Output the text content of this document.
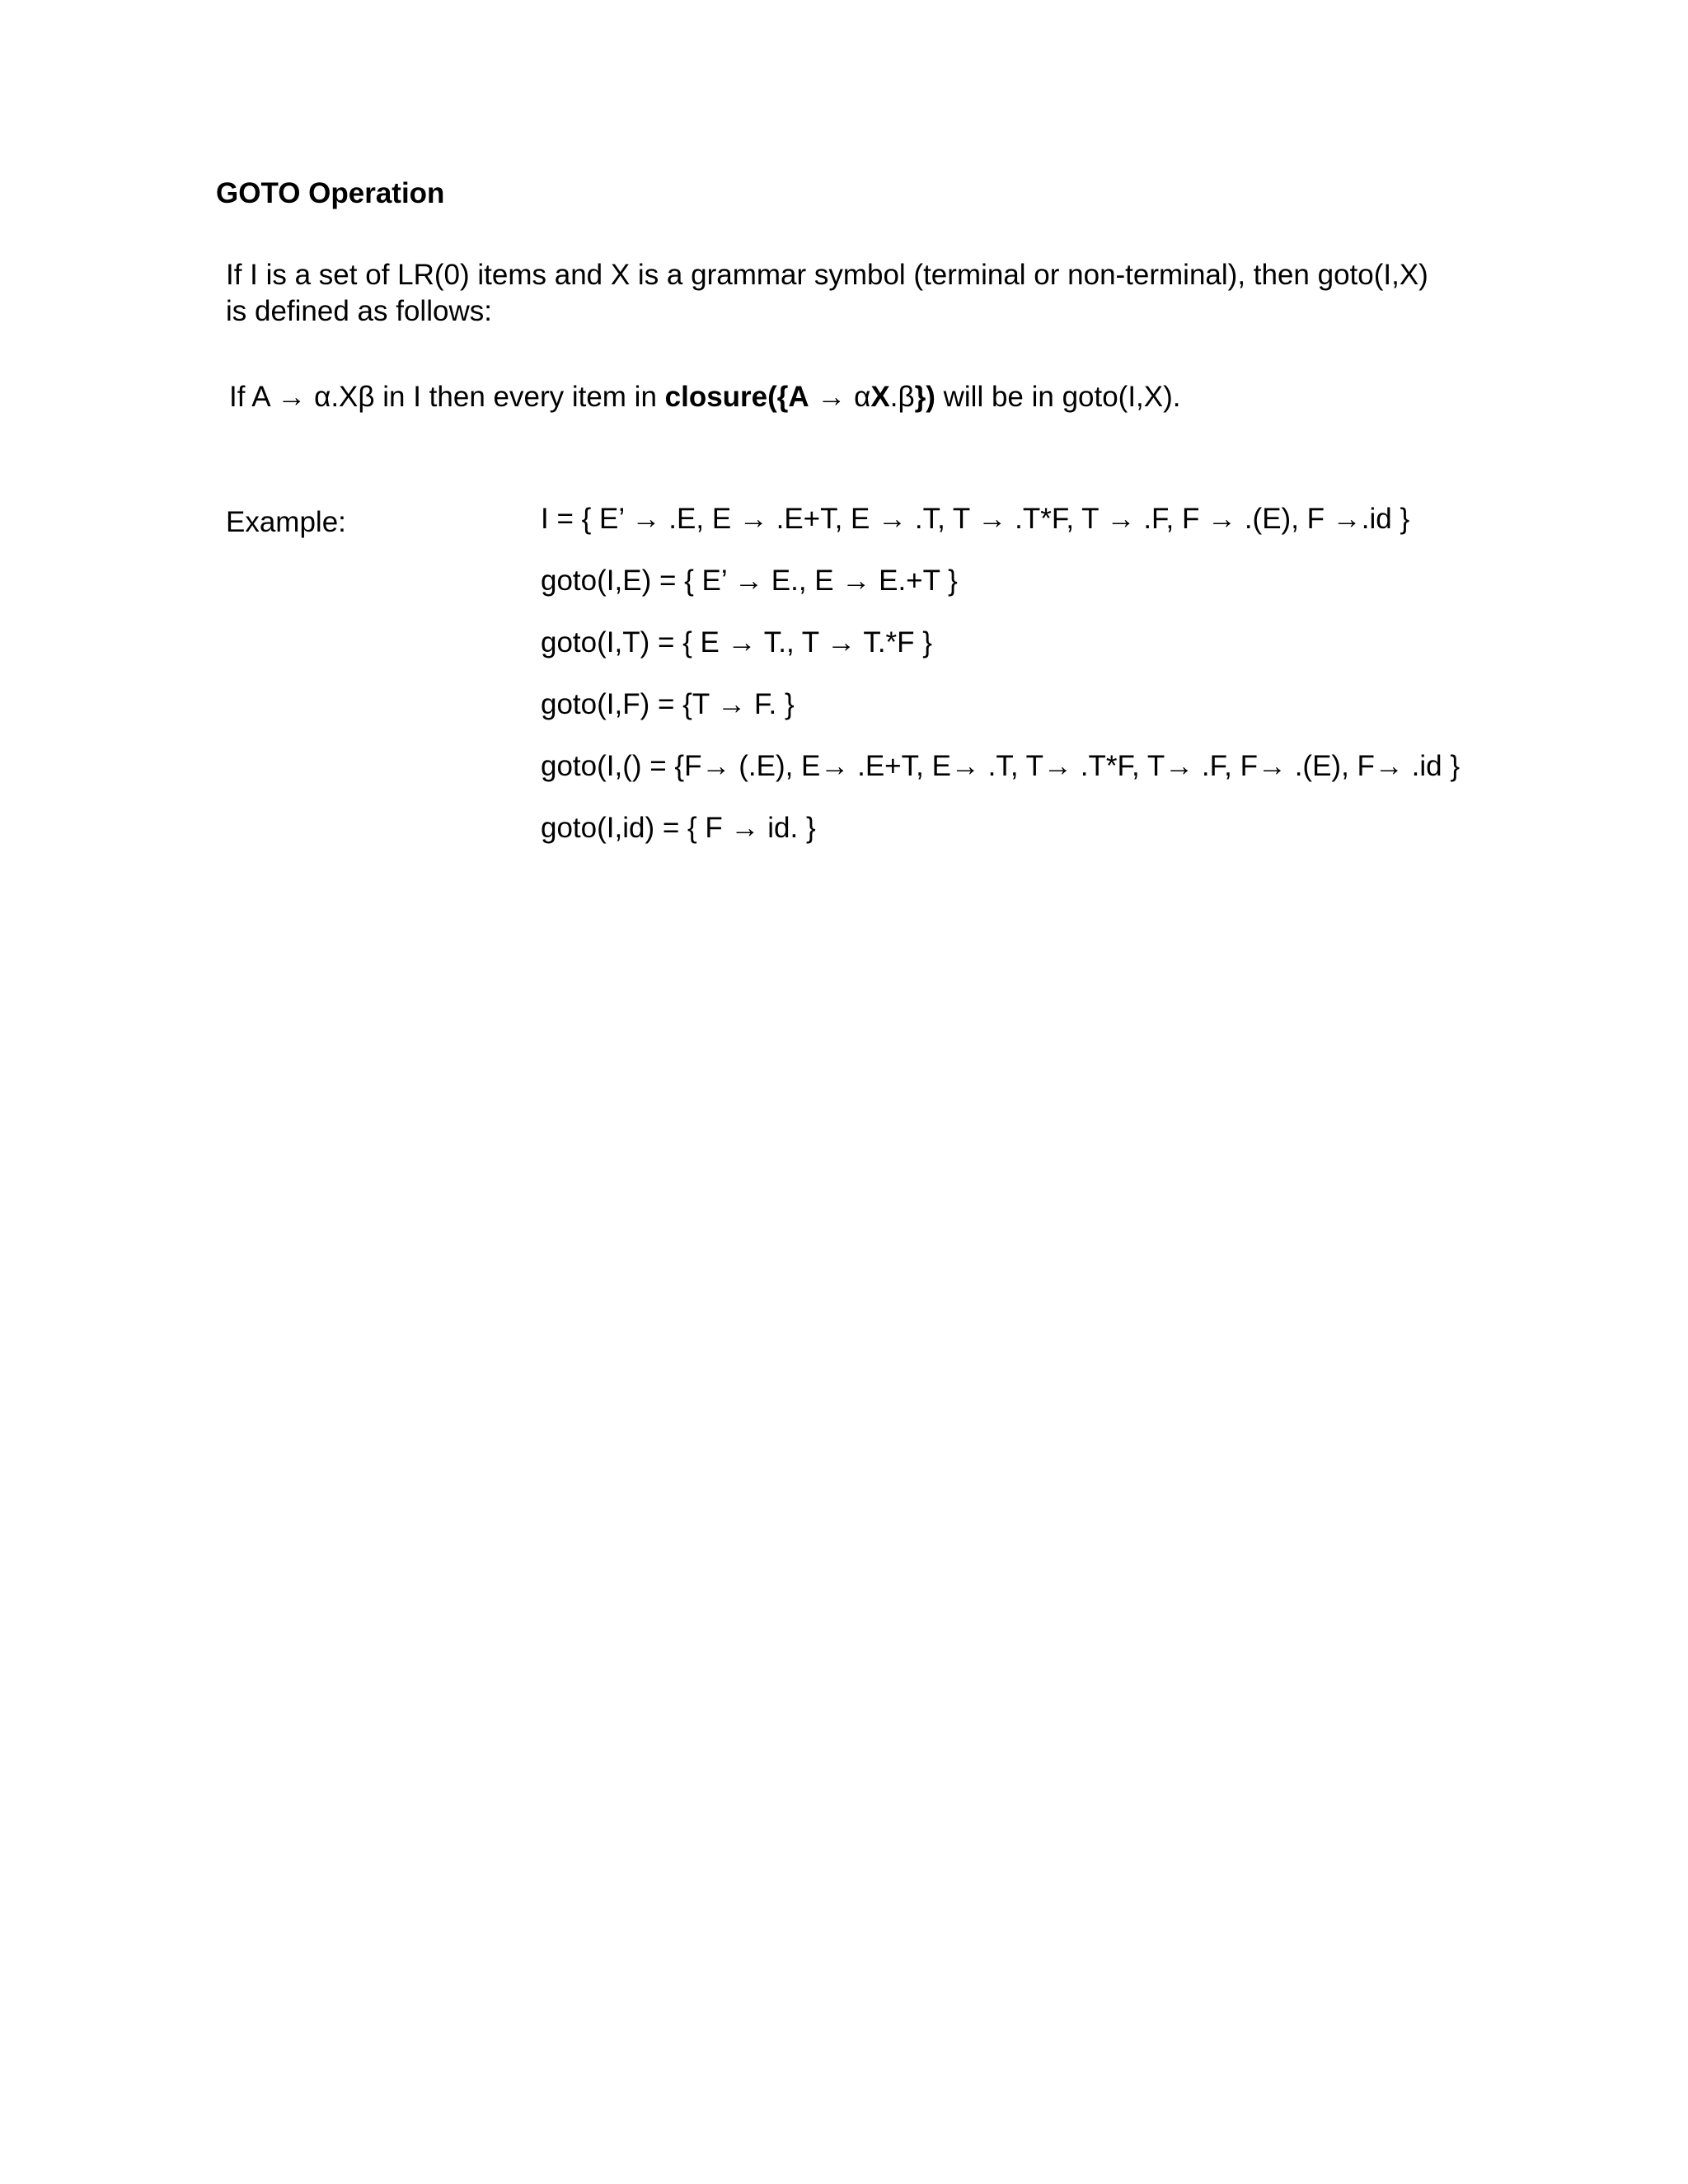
GOTO Operation
If I is a set of LR(0) items and X is a grammar symbol (terminal or non-terminal), then goto(I,X) is defined as follows:
If A → α.Xβ in I then every item in closure({A → αX.β}) will be in goto(I,X).
Example:	I = { E’ → .E, E → .E+T, E → .T, T → .T*F, T → .F, F → .(E), F →.id }
goto(I,E) = { E’ → E., E → E.+T }
goto(I,T) = { E → T., T → T.*F }
goto(I,F) = {T → F. }
goto(I,() = {F→ (.E), E→ .E+T, E→ .T, T→ .T*F, T→ .F, F→ .(E), F→ .id }
goto(I,id) = { F → id. }
